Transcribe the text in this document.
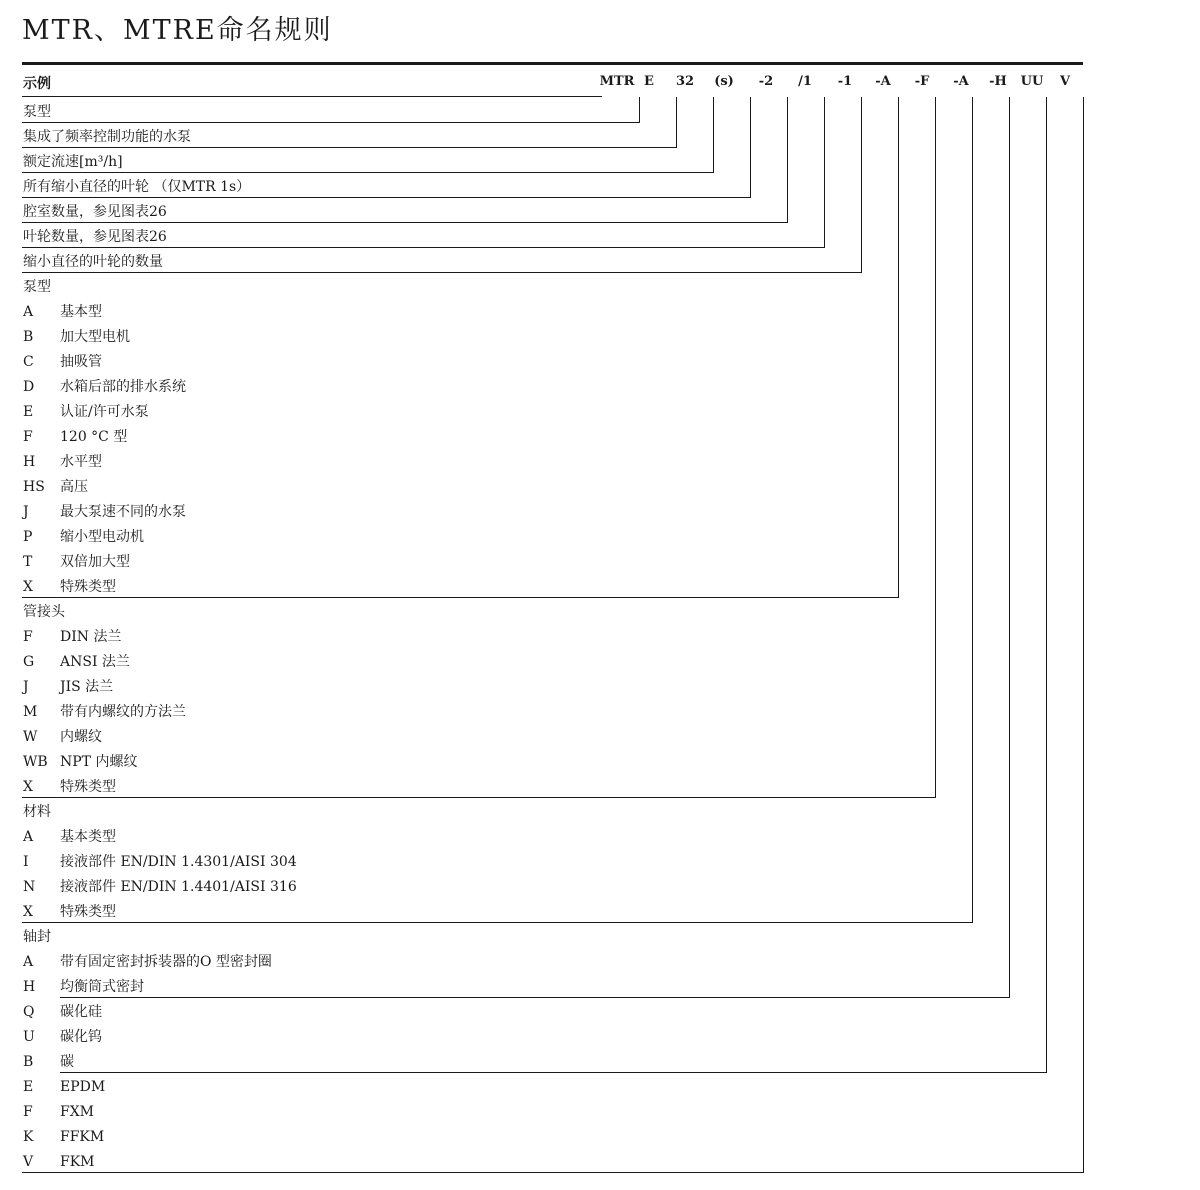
MTR、MTRE命名规则
示例
泵型
集成了频率控制功能的水泵
额定流速[m³/h]
所有缩小直径的叶轮 （仅MTR 1s）
腔室数量，参见图表26
叶轮数量，参见图表26
缩小直径的叶轮的数量
泵型
A 基本型
B 加大型电机
C 抽吸管
D 水箱后部的排水系统
E 认证/许可水泵
F 120 °C 型
H 水平型
HS 高压
J 最大泵速不同的水泵
P 缩小型电动机
T 双倍加大型
X 特殊类型
管接头
F DIN 法兰
G ANSI 法兰
J JIS 法兰
M 带有内螺纹的方法兰
W 内螺纹
WB NPT 内螺纹
X 特殊类型
材料
A 基本类型
I 接液部件 EN/DIN 1.4301/AISI 304
N 接液部件 EN/DIN 1.4401/AISI 316
X 特殊类型
轴封
A 带有固定密封拆装器的O 型密封圈
H 均衡筒式密封
Q 碳化硅
U 碳化钨
B 碳
E EPDM
F FXM
K FFKM
V FKM
MTR E	32	(s)	-2	/1	-1	-A	-F	-A	-H	UU	V
